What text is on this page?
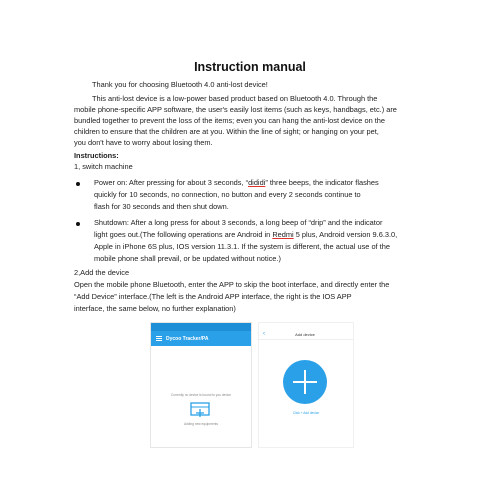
Instruction manual
Thank you for choosing Bluetooth 4.0 anti-lost device!
This anti-lost device is a low-power based product based on Bluetooth 4.0. Through the
mobile phone-specific APP software, the user's easily lost items (such as keys, handbags, etc.) are
bundled together to prevent the loss of the items; even you can hang the anti-lost device on the
children to ensure that the children are at you. Within the line of sight; or hanging on your pet,
you don't have to worry about losing them.
Instructions:
1, switch machine
Power on: After pressing for about 3 seconds, “dididi” three beeps, the indicator flashes
quickly for 10 seconds, no connection, no button and every 2 seconds continue to
flash for 30 seconds and then shut down.
Shutdown: After a long press for about 3 seconds, a long beep of “drip” and the indicator
light goes out.(The following operations are Android in Redmi 5 plus, Android version 9.6.3.0,
Apple in iPhone 6S plus, IOS version 11.3.1. If the system is different, the actual use of the
mobile phone shall prevail, or be updated without notice.)
2,Add the device
Open the mobile phone Bluetooth, enter the APP to skip the boot interface, and directly enter the
“Add Device” interface.(The left is the Android APP interface, the right is the IOS APP
interface, the same below, no further explanation)
Dycoo Tracker/PA
Currently no device is bound to you device
Adding new equipments
‹	Add device
Click + Add device
